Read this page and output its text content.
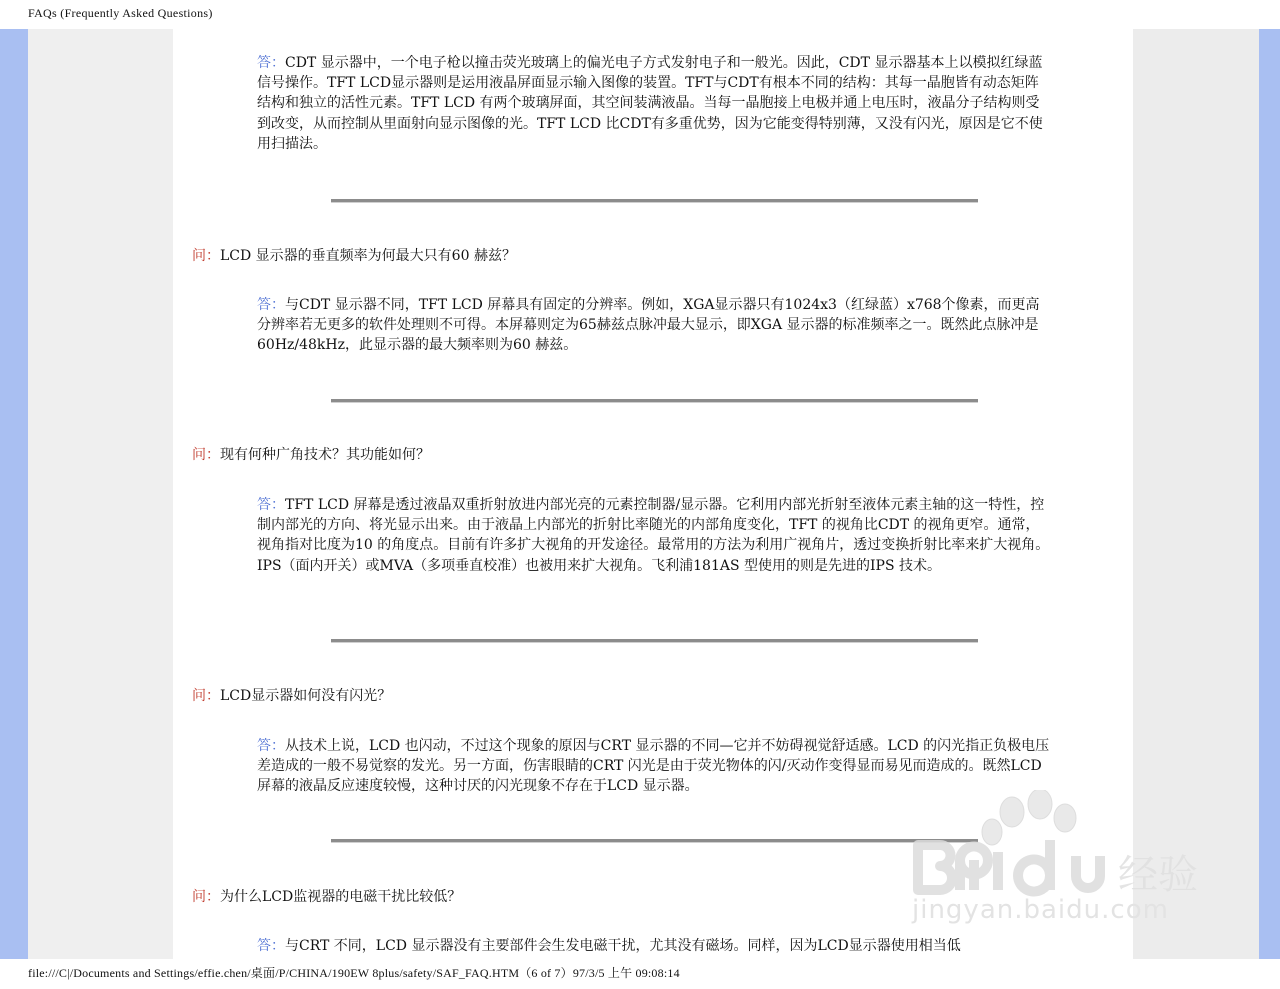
FAQs (Frequently Asked Questions)
答：CDT 显示器中，一个电子枪以撞击荧光玻璃上的偏光电子方式发射电子和一般光。因此，CDT 显示器基本上以模拟红绿蓝信号操作。TFT LCD显示器则是运用液晶屏面显示输入图像的装置。TFT与CDT有根本不同的结构：其每一晶胞皆有动态矩阵结构和独立的活性元素。TFT LCD 有两个玻璃屏面，其空间装满液晶。当每一晶胞接上电极并通上电压时，液晶分子结构则受到改变，从而控制从里面射向显示图像的光。TFT LCD 比CDT有多重优势，因为它能变得特别薄，又没有闪光，原因是它不使用扫描法。
问：LCD 显示器的垂直频率为何最大只有60 赫兹？
答：与CDT 显示器不同，TFT LCD 屏幕具有固定的分辨率。例如，XGA显示器只有1024x3（红绿蓝）x768个像素，而更高分辨率若无更多的软件处理则不可得。本屏幕则定为65赫兹点脉冲最大显示，即XGA 显示器的标准频率之一。既然此点脉冲是60Hz/48kHz，此显示器的最大频率则为60 赫兹。
问：现有何种广角技术？其功能如何？
答：TFT LCD 屏幕是透过液晶双重折射放进内部光亮的元素控制器/显示器。它利用内部光折射至液体元素主轴的这一特性，控制内部光的方向、将光显示出来。由于液晶上内部光的折射比率随光的内部角度变化，TFT 的视角比CDT 的视角更窄。通常，视角指对比度为10 的角度点。目前有许多扩大视角的开发途径。最常用的方法为利用广视角片，透过变换折射比率来扩大视角。IPS（面内开关）或MVA（多项垂直校准）也被用来扩大视角。飞利浦181AS 型使用的则是先进的IPS 技术。
问：LCD显示器如何没有闪光？
答：从技术上说，LCD 也闪动，不过这个现象的原因与CRT 显示器的不同—它并不妨碍视觉舒适感。LCD 的闪光指正负极电压差造成的一般不易觉察的发光。另一方面，伤害眼睛的CRT 闪光是由于荧光物体的闪/灭动作变得显而易见而造成的。既然LCD 屏幕的液晶反应速度较慢，这种讨厌的闪光现象不存在于LCD 显示器。
问：为什么LCD监视器的电磁干扰比较低？
答：与CRT 不同，LCD 显示器没有主要部件会生发电磁干扰，尤其没有磁场。同样，因为LCD显示器使用相当低
经验
jingyan.baidu.com
file:///C|/Documents and Settings/effie.chen/桌面/P/CHINA/190EW 8plus/safety/SAF_FAQ.HTM（6 of 7）97/3/5 上午 09:08:14
